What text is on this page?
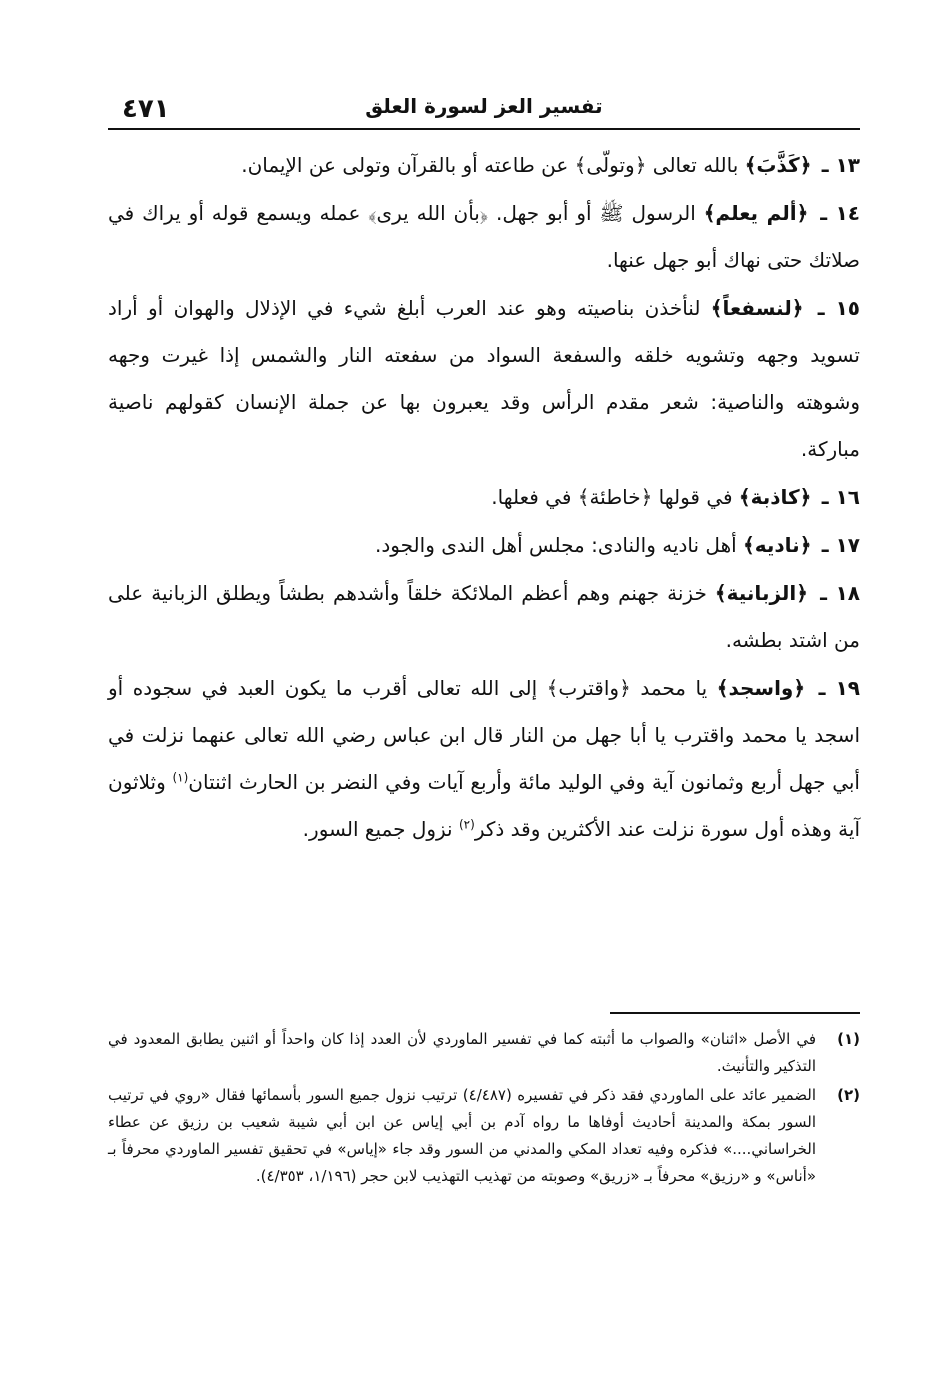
٤٧١	تفسير العز لسورة العلق

١٣ ـ ﴿كَذَّبَ﴾ بالله تعالى ﴿وتولّى﴾ عن طاعته أو بالقرآن وتولى عن الإيمان.

١٤ ـ ﴿ألم يعلم﴾ الرسول ﷺ أو أبو جهل. ﴿بأن الله يرى﴾ عمله ويسمع قوله أو يراك في صلاتك حتى نهاك أبو جهل عنها.

١٥ ـ ﴿لنسفعاً﴾ لنأخذن بناصيته وهو عند العرب أبلغ شيء في الإذلال والهوان أو أراد تسويد وجهه وتشويه خلقه والسفعة السواد من سفعته النار والشمس إذا غيرت وجهه وشوهته والناصية: شعر مقدم الرأس وقد يعبرون بها عن جملة الإنسان كقولهم ناصية مباركة.

١٦ ـ ﴿كاذبة﴾ في قولها ﴿خاطئة﴾ في فعلها.

١٧ ـ ﴿ناديه﴾ أهل ناديه والنادى: مجلس أهل الندى والجود.

١٨ ـ ﴿الزبانية﴾ خزنة جهنم وهم أعظم الملائكة خلقاً وأشدهم بطشاً ويطلق الزبانية على من اشتد بطشه.

١٩ ـ ﴿واسجد﴾ يا محمد ﴿واقترب﴾ إلى الله تعالى أقرب ما يكون العبد في سجوده أو اسجد يا محمد واقترب يا أبا جهل من النار قال ابن عباس رضي الله تعالى عنهما نزلت في أبي جهل أربع وثمانون آية وفي الوليد مائة وأربع آيات وفي النضر بن الحارث اثنتان$^{(١)}$ وثلاثون آية وهذه أول سورة نزلت عند الأكثرين وقد ذكر$^{(٢)}$ نزول جميع السور.

(١)
في الأصل «اثنان» والصواب ما أثبته كما في تفسير الماوردي لأن العدد إذا كان واحداً أو اثنين يطابق المعدود في التذكير والتأنيث.
(٢)
الضمير عائد على الماوردي فقد ذكر في تفسيره (٤/٤٨٧) ترتيب نزول جميع السور بأسمائها فقال «روي في ترتيب السور بمكة والمدينة أحاديث أوفاها ما رواه آدم بن أبي إياس عن ابن أبي شيبة شعيب بن رزيق عن عطاء الخراساني....» فذكره وفيه تعداد المكي والمدني من السور وقد جاء «إياس» في تحقيق تفسير الماوردي محرفاً بـ «أناس» و «رزيق» محرفاً بـ «زريق» وصوبته من تهذيب التهذيب لابن حجر (١/١٩٦، ٤/٣٥٣).
